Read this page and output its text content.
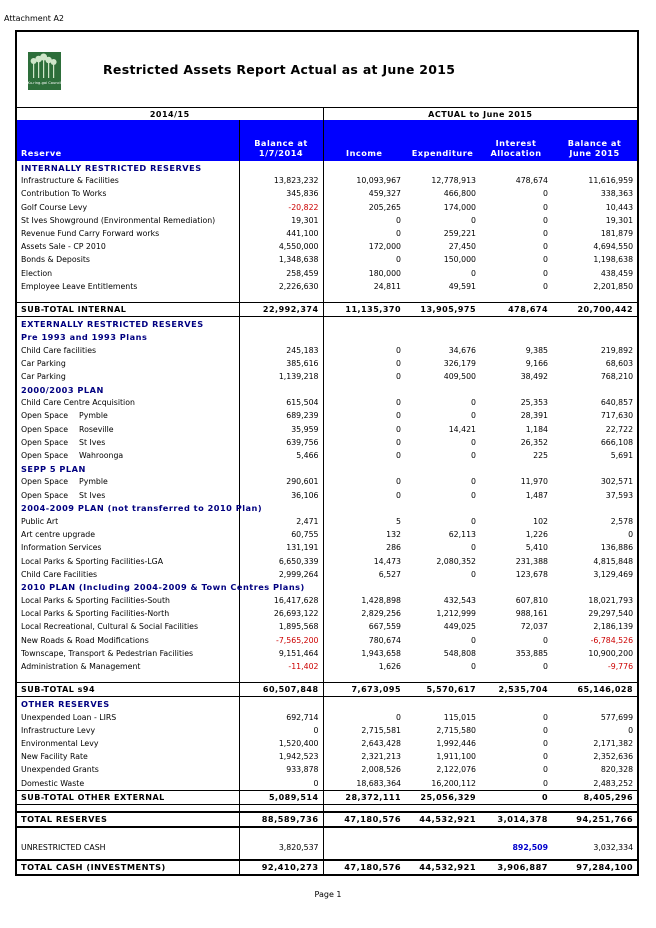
Attachment A2
Ku-ring-gai Council
Restricted Assets Report Actual as at June 2015
2014/15		ACTUAL to June 2015			
Reserve	Balance at 1/7/2014	Income	Expenditure	Interest Allocation	Balance at June 2015
INTERNALLY RESTRICTED RESERVES					
Infrastructure & Facilities	13,823,232	10,093,967	12,778,913	478,674	11,616,959
Contribution To Works	345,836	459,327	466,800	0	338,363
Golf Course Levy	-20,822	205,265	174,000	0	10,443
St Ives Showground (Environmental Remediation)	19,301	0	0	0	19,301
Revenue Fund Carry Forward works	441,100	0	259,221	0	181,879
Assets Sale - CP 2010	4,550,000	172,000	27,450	0	4,694,550
Bonds & Deposits	1,348,638	0	150,000	0	1,198,638
Election	258,459	180,000	0	0	438,459
Employee Leave Entitlements	2,226,630	24,811	49,591	0	2,201,850

SUB-TOTAL INTERNAL	22,992,374	11,135,370	13,905,975	478,674	20,700,442
EXTERNALLY RESTRICTED RESERVES					
Pre 1993 and 1993 Plans					
Child Care facilities	245,183	0	34,676	9,385	219,892
Car Parking	385,616	0	326,179	9,166	68,603
Car Parking	1,139,218	0	409,500	38,492	768,210
2000/2003 PLAN					
Child Care Centre Acquisition	615,504	0	0	25,353	640,857
Open Space Pymble	689,239	0	0	28,391	717,630
Open Space Roseville	35,959	0	14,421	1,184	22,722
Open Space St Ives	639,756	0	0	26,352	666,108
Open Space Wahroonga	5,466	0	0	225	5,691
SEPP 5 PLAN					
Open Space Pymble	290,601	0	0	11,970	302,571
Open Space St Ives	36,106	0	0	1,487	37,593
2004-2009 PLAN (not transferred to 2010 Plan)					
Public Art	2,471	5	0	102	2,578
Art centre upgrade	60,755	132	62,113	1,226	0
Information Services	131,191	286	0	5,410	136,886
Local Parks & Sporting Facilities-LGA	6,650,339	14,473	2,080,352	231,388	4,815,848
Child Care Facilities	2,999,264	6,527	0	123,678	3,129,469
2010 PLAN (Including 2004-2009 & Town Centres Plans)					
Local Parks & Sporting Facilities-South	16,417,628	1,428,898	432,543	607,810	18,021,793
Local Parks & Sporting Facilities-North	26,693,122	2,829,256	1,212,999	988,161	29,297,540
Local Recreational, Cultural & Social Facilities	1,895,568	667,559	449,025	72,037	2,186,139
New Roads & Road Modifications	-7,565,200	780,674	0	0	-6,784,526
Townscape, Transport & Pedestrian Facilities	9,151,464	1,943,658	548,808	353,885	10,900,200
Administration & Management	-11,402	1,626	0	0	-9,776

SUB-TOTAL s94	60,507,848	7,673,095	5,570,617	2,535,704	65,146,028
OTHER RESERVES					
Unexpended Loan - LIRS	692,714	0	115,015	0	577,699
Infrastructure Levy	0	2,715,581	2,715,580	0	0
Environmental Levy	1,520,400	2,643,428	1,992,446	0	2,171,382
New Facility Rate	1,942,523	2,321,213	1,911,100	0	2,352,636
Unexpended Grants	933,878	2,008,526	2,122,076	0	820,328
Domestic Waste	0	18,683,364	16,200,112	0	2,483,252
SUB-TOTAL OTHER EXTERNAL	5,089,514	28,372,111	25,056,329	0	8,405,296

TOTAL RESERVES	88,589,736	47,180,576	44,532,921	3,014,378	94,251,766

UNRESTRICTED CASH	3,820,537			892,509	3,032,334
TOTAL CASH (INVESTMENTS)	92,410,273	47,180,576	44,532,921	3,906,887	97,284,100
Page 1
